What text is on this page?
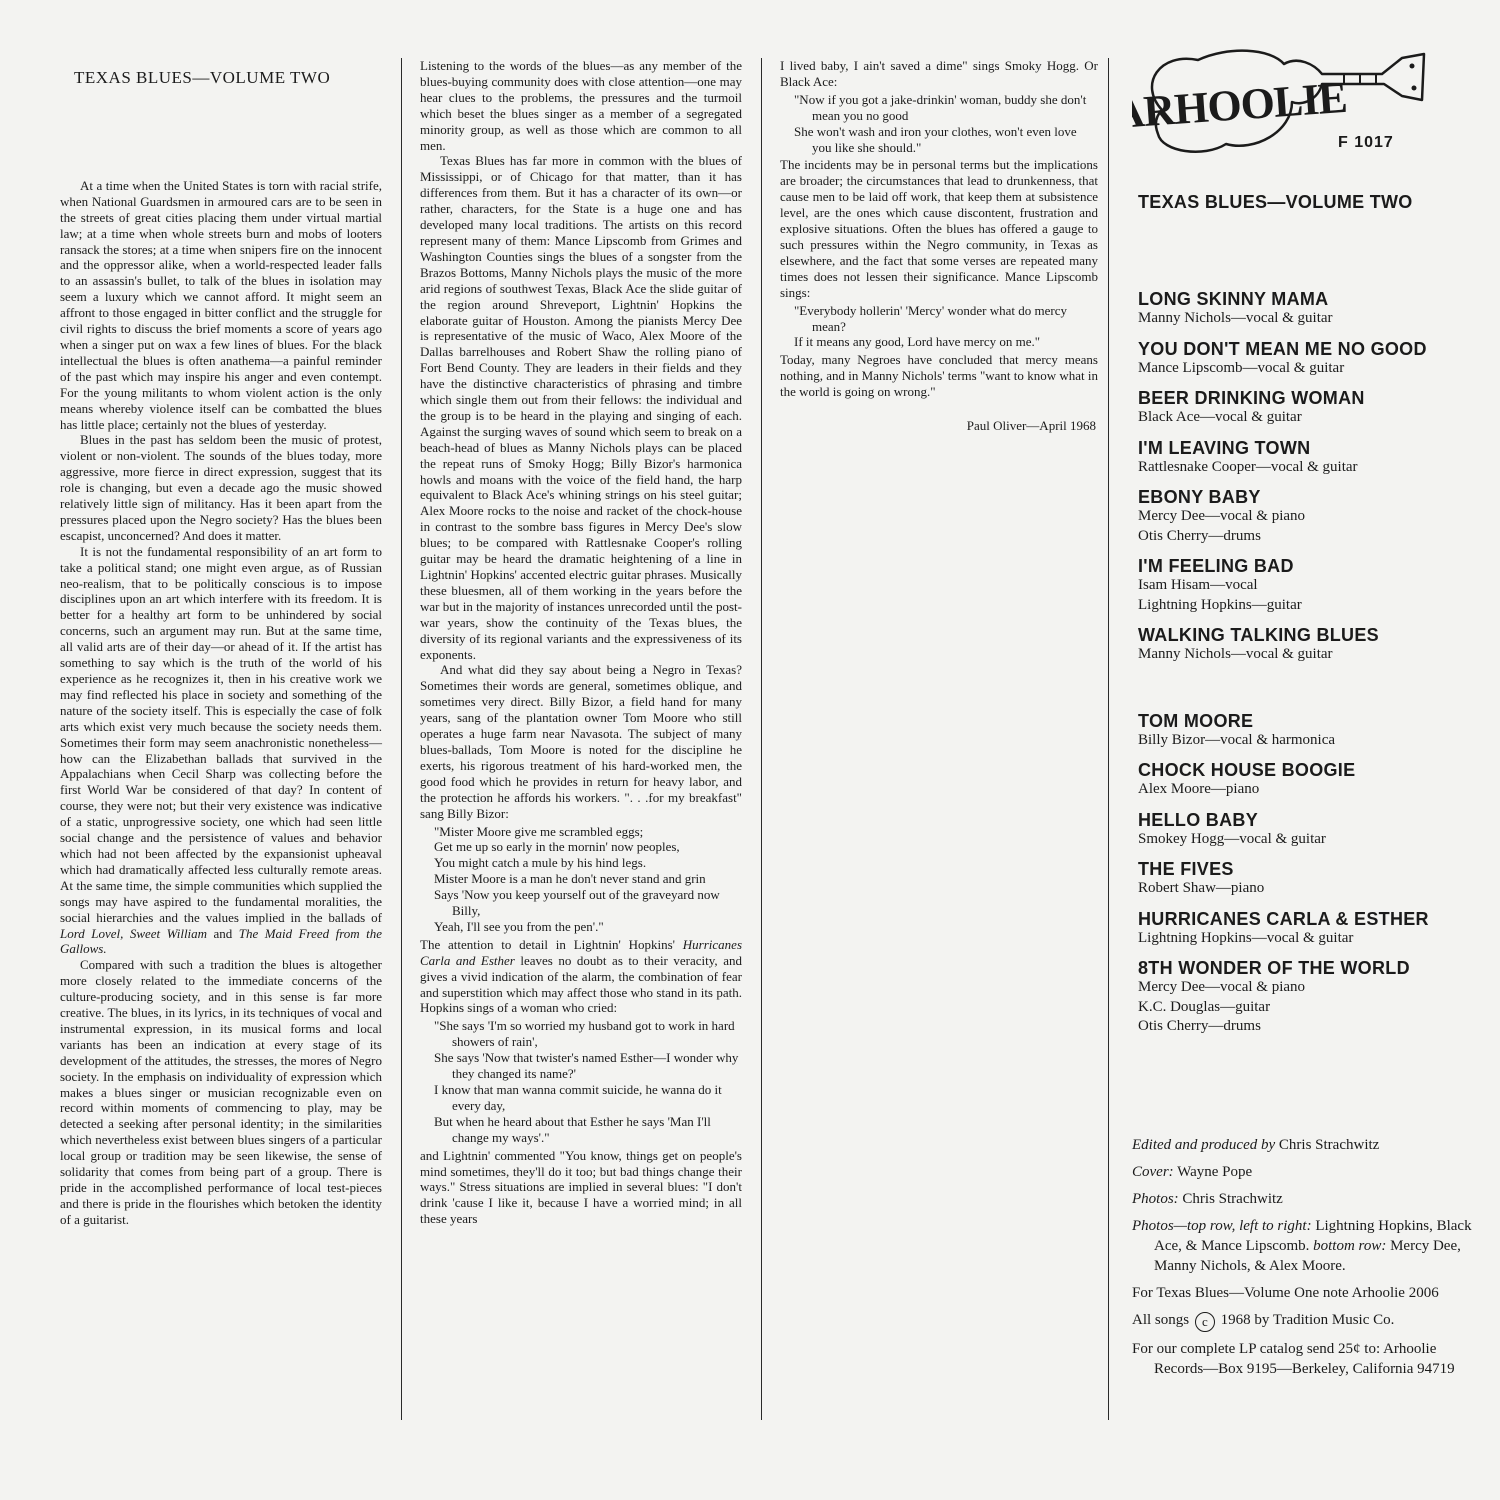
TEXAS BLUES—VOLUME TWO

At a time when the United States is torn with racial strife, when National Guardsmen in armoured cars are to be seen in the streets of great cities placing them under virtual martial law; at a time when whole streets burn and mobs of looters ransack the stores; at a time when snipers fire on the innocent and the oppressor alike, when a world-respected leader falls to an assassin's bullet, to talk of the blues in isolation may seem a luxury which we cannot afford. It might seem an affront to those engaged in bitter conflict and the struggle for civil rights to discuss the brief moments a score of years ago when a singer put on wax a few lines of blues. For the black intellectual the blues is often anathema—a painful reminder of the past which may inspire his anger and even contempt. For the young militants to whom violent action is the only means whereby violence itself can be combatted the blues has little place; certainly not the blues of yesterday.

Blues in the past has seldom been the music of protest, violent or non-violent. The sounds of the blues today, more aggressive, more fierce in direct expression, suggest that its role is changing, but even a decade ago the music showed relatively little sign of militancy. Has it been apart from the pressures placed upon the Negro society? Has the blues been escapist, unconcerned? And does it matter.

It is not the fundamental responsibility of an art form to take a political stand; one might even argue, as of Russian neo-realism, that to be politically conscious is to impose disciplines upon an art which interfere with its freedom. It is better for a healthy art form to be unhindered by social concerns, such an argument may run. But at the same time, all valid arts are of their day—or ahead of it. If the artist has something to say which is the truth of the world of his experience as he recognizes it, then in his creative work we may find reflected his place in society and something of the nature of the society itself. This is especially the case of folk arts which exist very much because the society needs them. Sometimes their form may seem anachronistic nonetheless—how can the Elizabethan ballads that survived in the Appalachians when Cecil Sharp was collecting before the first World War be considered of that day? In content of course, they were not; but their very existence was indicative of a static, unprogressive society, one which had seen little social change and the persistence of values and behavior which had not been affected by the expansionist upheaval which had dramatically affected less culturally remote areas. At the same time, the simple communities which supplied the songs may have aspired to the fundamental moralities, the social hierarchies and the values implied in the ballads of Lord Lovel, Sweet William and The Maid Freed from the Gallows.

Compared with such a tradition the blues is altogether more closely related to the immediate concerns of the culture-producing society, and in this sense is far more creative. The blues, in its lyrics, in its techniques of vocal and instrumental expression, in its musical forms and local variants has been an indication at every stage of its development of the attitudes, the stresses, the mores of Negro society. In the emphasis on individuality of expression which makes a blues singer or musician recognizable even on record within moments of commencing to play, may be detected a seeking after personal identity; in the similarities which nevertheless exist between blues singers of a particular local group or tradition may be seen likewise, the sense of solidarity that comes from being part of a group. There is pride in the accomplished performance of local test-pieces and there is pride in the flourishes which betoken the identity of a guitarist.

Listening to the words of the blues—as any member of the blues-buying community does with close attention—one may hear clues to the problems, the pressures and the turmoil which beset the blues singer as a member of a segregated minority group, as well as those which are common to all men.

Texas Blues has far more in common with the blues of Mississippi, or of Chicago for that matter, than it has differences from them. But it has a character of its own—or rather, characters, for the State is a huge one and has developed many local traditions. The artists on this record represent many of them: Mance Lipscomb from Grimes and Washington Counties sings the blues of a songster from the Brazos Bottoms, Manny Nichols plays the music of the more arid regions of southwest Texas, Black Ace the slide guitar of the region around Shreveport, Lightnin' Hopkins the elaborate guitar of Houston. Among the pianists Mercy Dee is representative of the music of Waco, Alex Moore of the Dallas barrelhouses and Robert Shaw the rolling piano of Fort Bend County. They are leaders in their fields and they have the distinctive characteristics of phrasing and timbre which single them out from their fellows: the individual and the group is to be heard in the playing and singing of each. Against the surging waves of sound which seem to break on a beach-head of blues as Manny Nichols plays can be placed the repeat runs of Smoky Hogg; Billy Bizor's harmonica howls and moans with the voice of the field hand, the harp equivalent to Black Ace's whining strings on his steel guitar; Alex Moore rocks to the noise and racket of the chock-house in contrast to the sombre bass figures in Mercy Dee's slow blues; to be compared with Rattlesnake Cooper's rolling guitar may be heard the dramatic heightening of a line in Lightnin' Hopkins' accented electric guitar phrases. Musically these bluesmen, all of them working in the years before the war but in the majority of instances unrecorded until the post-war years, show the continuity of the Texas blues, the diversity of its regional variants and the expressiveness of its exponents.

And what did they say about being a Negro in Texas? Sometimes their words are general, sometimes oblique, and sometimes very direct. Billy Bizor, a field hand for many years, sang of the plantation owner Tom Moore who still operates a huge farm near Navasota. The subject of many blues-ballads, Tom Moore is noted for the discipline he exerts, his rigorous treatment of his hard-worked men, the good food which he provides in return for heavy labor, and the protection he affords his workers. ". . .for my breakfast" sang Billy Bizor:

"Mister Moore give me scrambled eggs;
Get me up so early in the mornin' now peoples,
You might catch a mule by his hind legs.
Mister Moore is a man he don't never stand and grin
Says 'Now you keep yourself out of the graveyard now Billy,
Yeah, I'll see you from the pen'."

The attention to detail in Lightnin' Hopkins' Hurricanes Carla and Esther leaves no doubt as to their veracity, and gives a vivid indication of the alarm, the combination of fear and superstition which may affect those who stand in its path. Hopkins sings of a woman who cried:

"She says 'I'm so worried my husband got to work in hard showers of rain',
She says 'Now that twister's named Esther—I wonder why they changed its name?'
I know that man wanna commit suicide, he wanna do it every day,
But when he heard about that Esther he says 'Man I'll change my ways'."

and Lightnin' commented "You know, things get on people's mind sometimes, they'll do it too; but bad things change their ways." Stress situations are implied in several blues: "I don't drink 'cause I like it, because I have a worried mind; in all these years

I lived baby, I ain't saved a dime" sings Smoky Hogg. Or Black Ace:

"Now if you got a jake-drinkin' woman, buddy she don't mean you no good
She won't wash and iron your clothes, won't even love you like she should."

The incidents may be in personal terms but the implications are broader; the circumstances that lead to drunkenness, that cause men to be laid off work, that keep them at subsistence level, are the ones which cause discontent, frustration and explosive situations. Often the blues has offered a gauge to such pressures within the Negro community, in Texas as elsewhere, and the fact that some verses are repeated many times does not lessen their significance. Mance Lipscomb sings:

"Everybody hollerin' 'Mercy' wonder what do mercy mean?
If it means any good, Lord have mercy on me."

Today, many Negroes have concluded that mercy means nothing, and in Manny Nichols' terms "want to know what in the world is going on wrong."

Paul Oliver—April 1968
ARHOOLIE
F 1017
TEXAS BLUES—VOLUME TWO
LONG SKINNY MAMA
Manny Nichols—vocal & guitar
YOU DON'T MEAN ME NO GOOD
Mance Lipscomb—vocal & guitar
BEER DRINKING WOMAN
Black Ace—vocal & guitar
I'M LEAVING TOWN
Rattlesnake Cooper—vocal & guitar
EBONY BABY
Mercy Dee—vocal & piano
Otis Cherry—drums
I'M FEELING BAD
Isam Hisam—vocal
Lightning Hopkins—guitar
WALKING TALKING BLUES
Manny Nichols—vocal & guitar
TOM MOORE
Billy Bizor—vocal & harmonica
CHOCK HOUSE BOOGIE
Alex Moore—piano
HELLO BABY
Smokey Hogg—vocal & guitar
THE FIVES
Robert Shaw—piano
HURRICANES CARLA & ESTHER
Lightning Hopkins—vocal & guitar
8TH WONDER OF THE WORLD
Mercy Dee—vocal & piano
K.C. Douglas—guitar
Otis Cherry—drums
Edited and produced by Chris Strachwitz
Cover: Wayne Pope
Photos: Chris Strachwitz
Photos—top row, left to right: Lightning Hopkins, Black Ace, & Mance Lipscomb. bottom row: Mercy Dee, Manny Nichols, & Alex Moore.
For Texas Blues—Volume One note Arhoolie 2006
All songs c 1968 by Tradition Music Co.
For our complete LP catalog send 25¢ to: Arhoolie Records—Box 9195—Berkeley, California 94719
